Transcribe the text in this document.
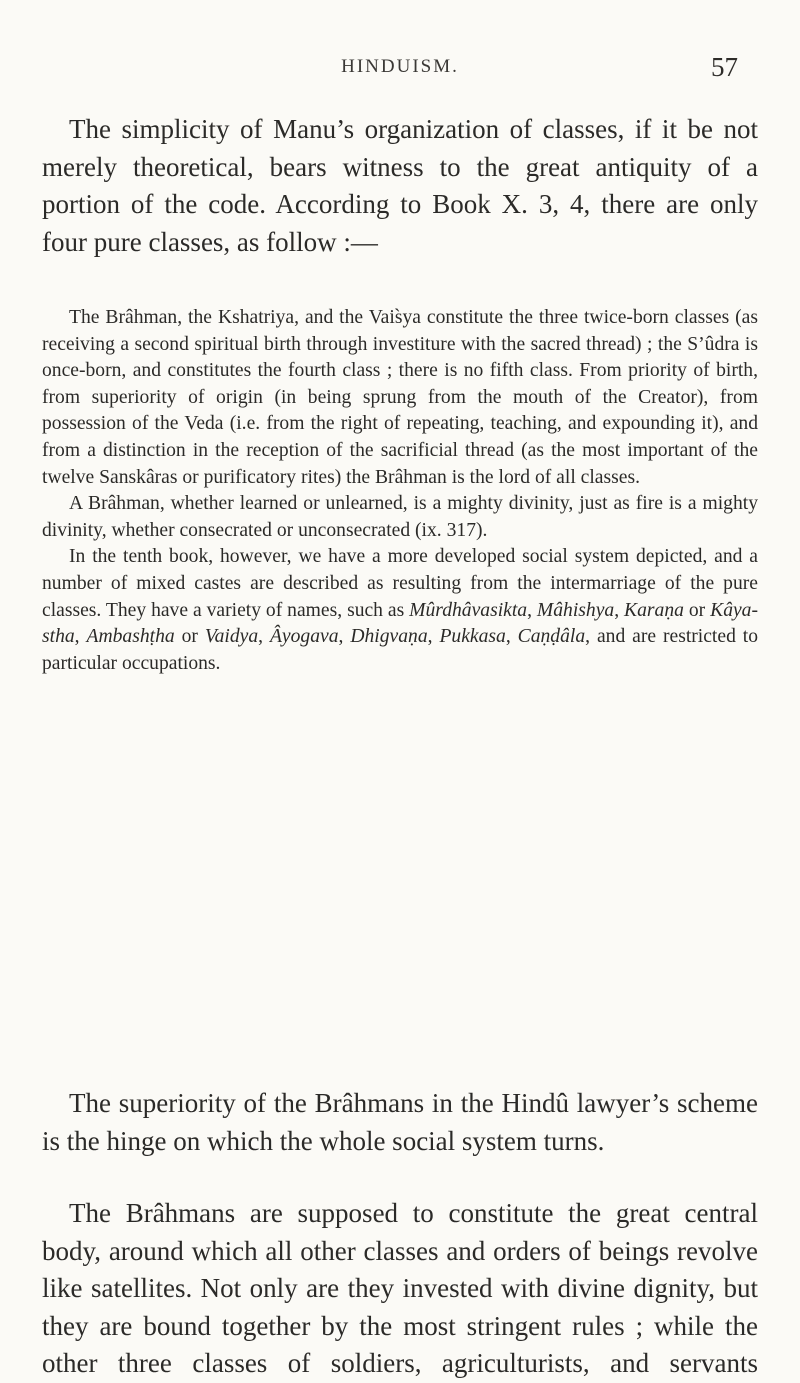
HINDUISM.	57

The simplicity of Manu’s organization of classes, if it be not merely theoretical, bears witness to the great antiquity of a portion of the code. According to Book X. 3, 4, there are only four pure classes, as follow :—

The Brâhman, the Kshatriya, and the Vais̀ya constitute the three twice-born classes (as receiving a second spiritual birth through investiture with the sacred thread) ; the S’ûdra is once-born, and constitutes the fourth class ; there is no fifth class. From priority of birth, from superiority of origin (in being sprung from the mouth of the Creator), from possession of the Veda (i.e. from the right of repeating, teaching, and expounding it), and from a distinction in the reception of the sacrificial thread (as the most important of the twelve Sanskâras or purificatory rites) the Brâhman is the lord of all classes.

A Brâhman, whether learned or unlearned, is a mighty divinity, just as fire is a mighty divinity, whether consecrated or unconsecrated (ix. 317).

In the tenth book, however, we have a more developed social system depicted, and a number of mixed castes are described as resulting from the intermarriage of the pure classes. They have a variety of names, such as Mûrdhâvasikta, Mâhishya, Karaṇa or Kâya-stha, Ambashṭha or Vaidya, Âyogava, Dhigvaṇa, Pukkasa, Caṇḍâla, and are restricted to particular occupations.

The superiority of the Brâhmans in the Hindû lawyer’s scheme is the hinge on which the whole social system turns.

The Brâhmans are supposed to constitute the great central body, around which all other classes and orders of beings revolve like satellites. Not only are they invested with divine dignity, but they are bound together by the most stringent rules ; while the other three classes of soldiers, agriculturists, and servants
